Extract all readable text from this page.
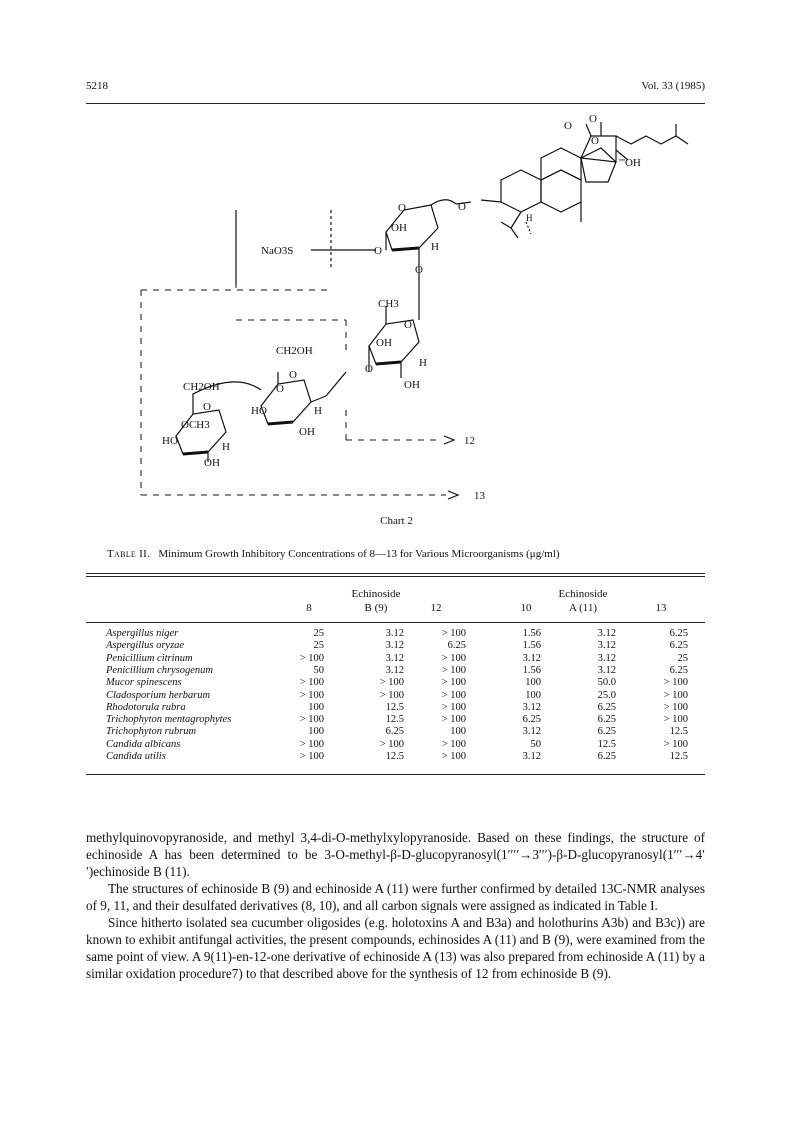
5218	Vol. 33 (1985)
O
O
O
'''OH
H
O
O
OH
H
O
NaO3S
O
CH3
O
OH
H
O
OH
CH2OH
O
O
HO	H
OH
CH2OH
O
OCH3
HO	H
OH
12
13
Chart 2
Table II. Minimum Growth Inhibitory Concentrations of 8—13 for Various Microorganisms (μg/ml)
8
Echinoside
B (9)	12	10
Echinoside
A (11)	13
Aspergillus niger	25	3.12	> 100	1.56	3.12	6.25
Aspergillus oryzae	25	3.12	6.25	1.56	3.12	6.25
Penicillium citrinum	> 100	3.12	> 100	3.12	3.12	25
Penicillium chrysogenum	50	3.12	> 100	1.56	3.12	6.25
Mucor spinescens	> 100	> 100	> 100	100	50.0	> 100
Cladosporium herbarum	> 100	> 100	> 100	100	25.0	> 100
Rhodotorula rubra	100	12.5	> 100	3.12	6.25	> 100
Trichophyton mentagrophytes	> 100	12.5	> 100	6.25	6.25	> 100
Trichophyton rubrum	100	6.25	100	3.12	6.25	12.5
Candida albicans	> 100	> 100	> 100	50	12.5	> 100
Candida utilis	> 100	12.5	> 100	3.12	6.25	12.5

methylquinovopyranoside, and methyl 3,4-di-O-methylxylopyranoside. Based on these findings, the structure of echinoside A has been determined to be 3-O-methyl-β-D-glucopyranosyl(1′′′′→3′′′)-β-D-glucopyranosyl(1′′′→4′′)echinoside B (11).

The structures of echinoside B (9) and echinoside A (11) were further confirmed by detailed 13C-NMR analyses of 9, 11, and their desulfated derivatives (8, 10), and all carbon signals were assigned as indicated in Table I.

Since hitherto isolated sea cucumber oligosides (e.g. holotoxins A and B3a) and holothurins A3b) and B3c)) are known to exhibit antifungal activities, the present compounds, echinosides A (11) and B (9), were examined from the same point of view. A 9(11)-en-12-one derivative of echinoside A (13) was also prepared from echinoside A (11) by a similar oxidation procedure7) to that described above for the synthesis of 12 from echinoside B (9).
